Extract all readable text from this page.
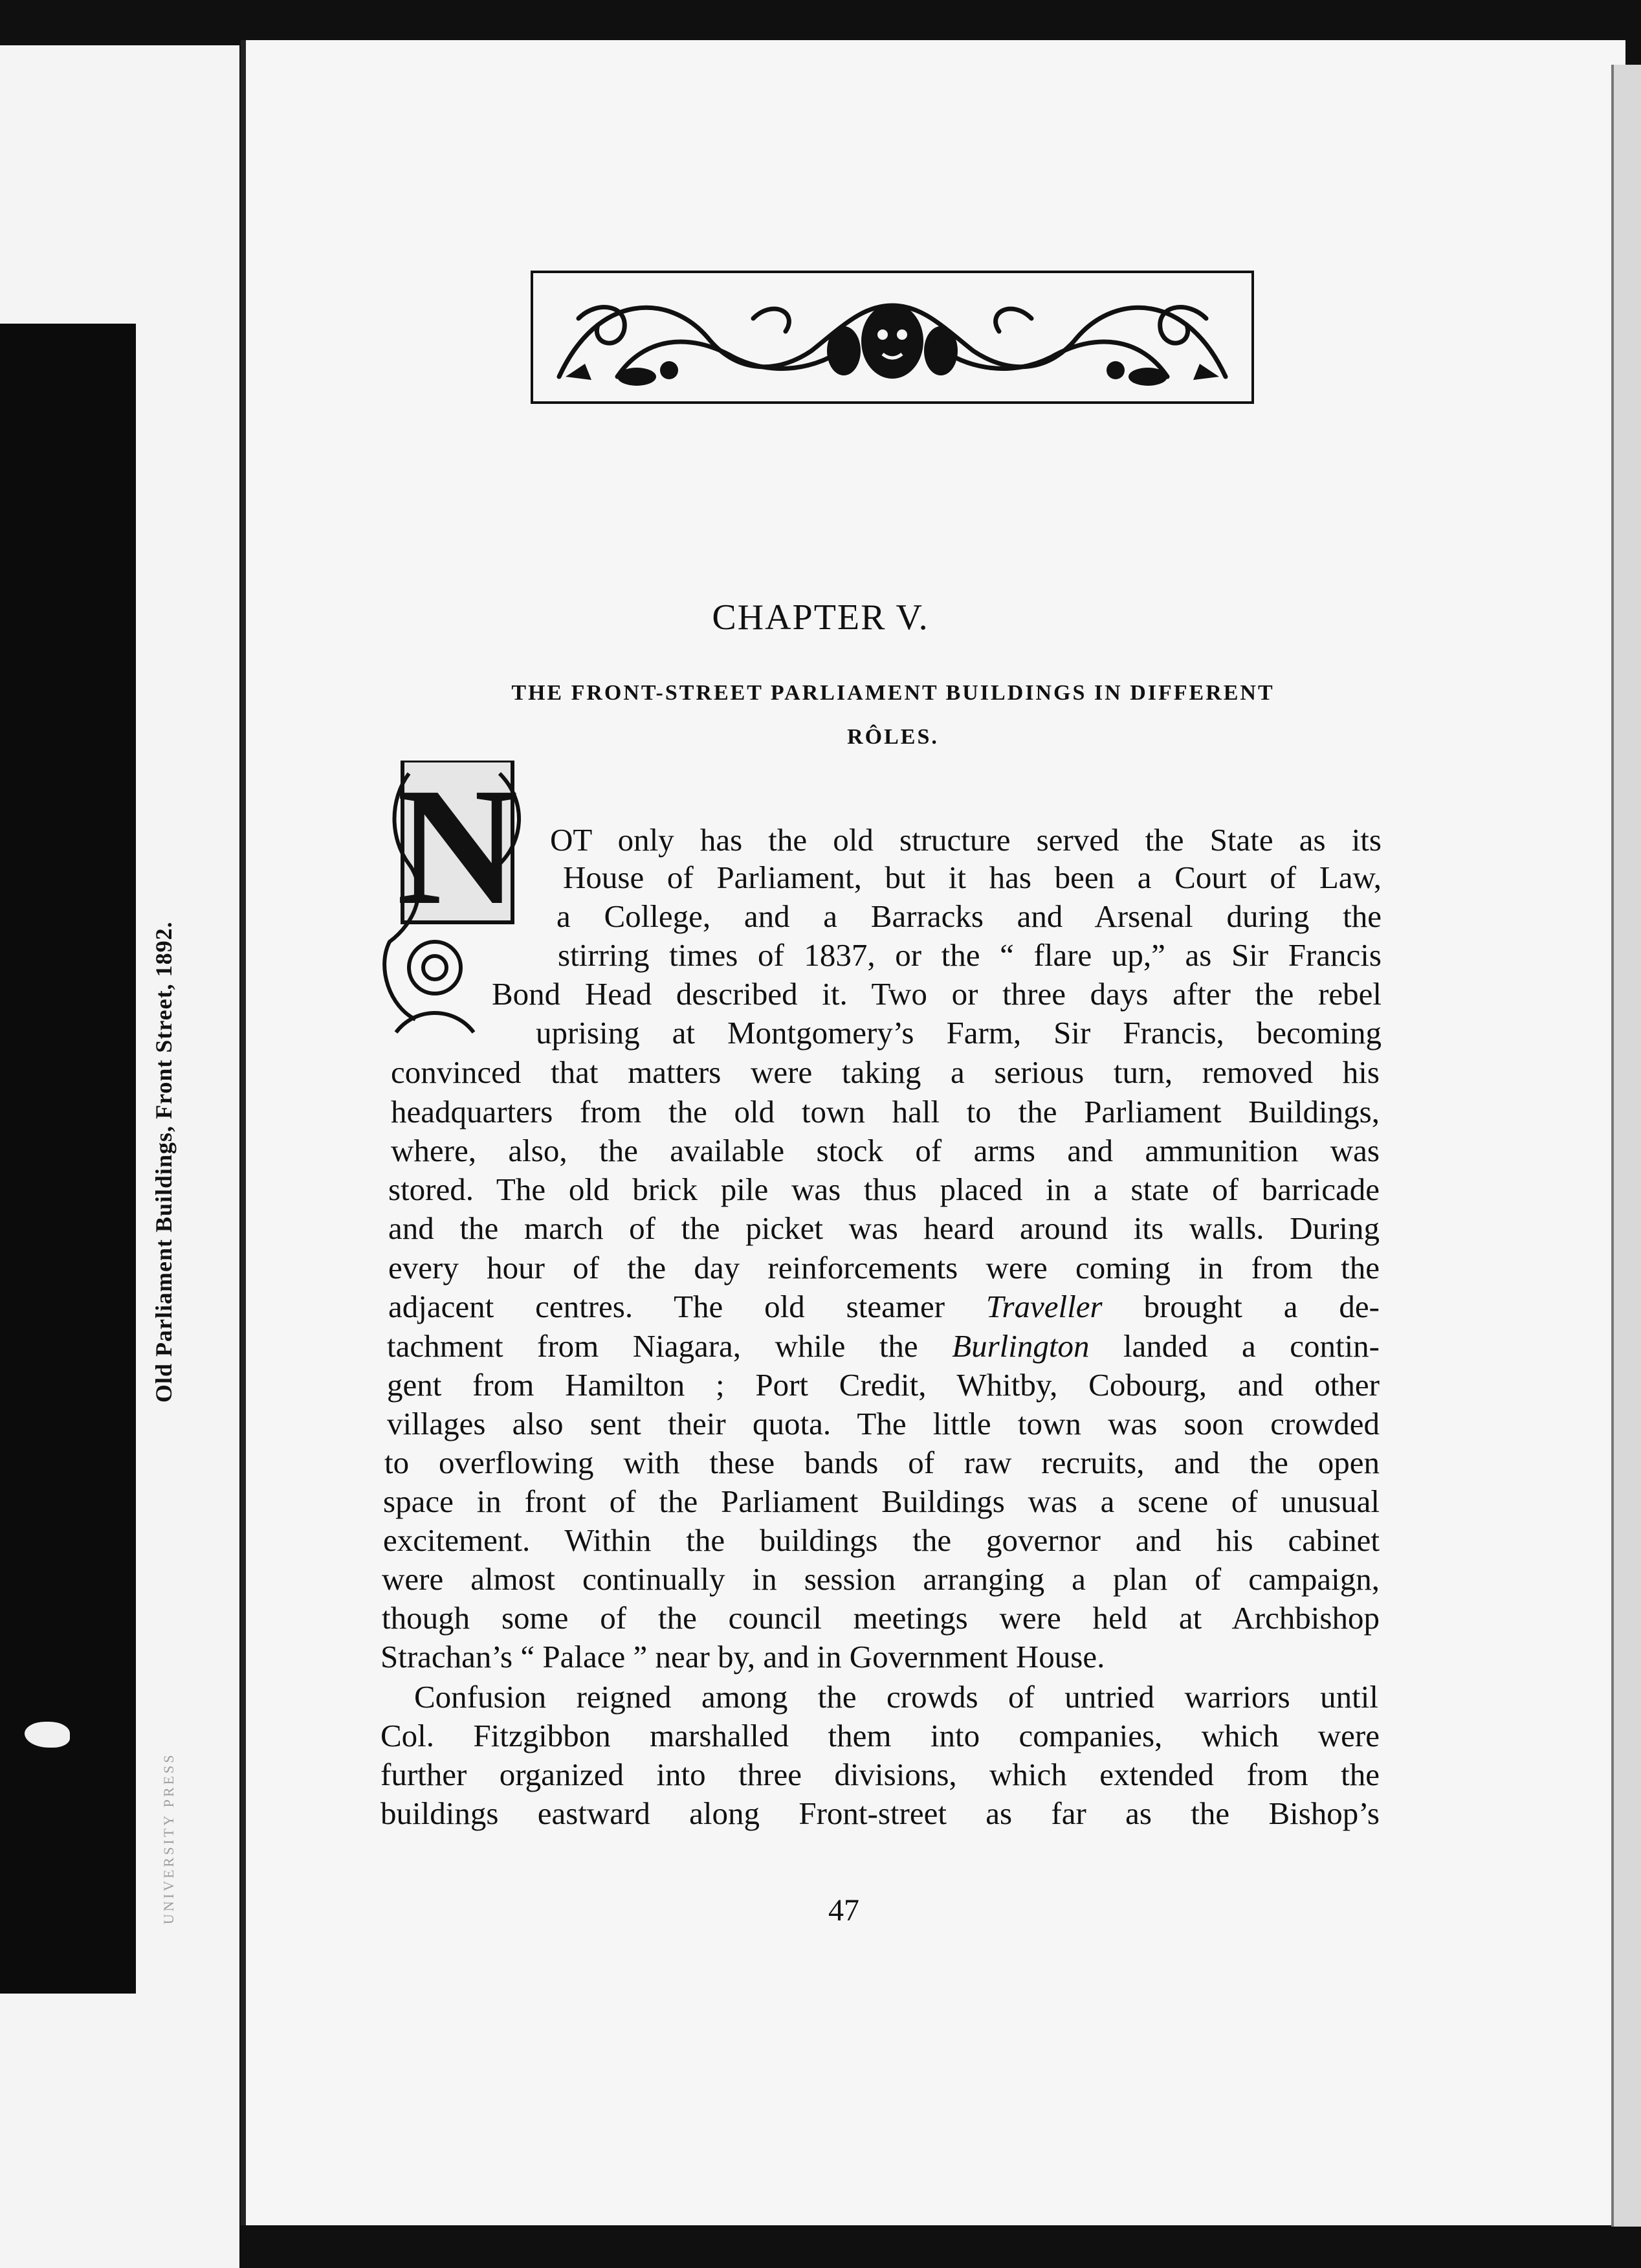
UNIVERSITY PRESS
Old Parliament Buildings, Front Street, 1892.
CHAPTER V.
THE FRONT-STREET PARLIAMENT BUILDINGS IN DIFFERENT
RÔLES.
N OT only has the old structure served the State as its
House of Parliament, but it has been a Court of Law,
a College, and a Barracks and Arsenal during the
stirring times of 1837, or the “ flare up,” as Sir Francis
Bond Head described it. Two or three days after the rebel
uprising at Montgomery’s Farm, Sir Francis, becoming
convinced that matters were taking a serious turn, removed his
headquarters from the old town hall to the Parliament Buildings,
where, also, the available stock of arms and ammunition was
stored. The old brick pile was thus placed in a state of barricade
and the march of the picket was heard around its walls. During
every hour of the day reinforcements were coming in from the
adjacent centres. The old steamer Traveller brought a de-
tachment from Niagara, while the Burlington landed a contin-
gent from Hamilton ; Port Credit, Whitby, Cobourg, and other
villages also sent their quota. The little town was soon crowded
to overflowing with these bands of raw recruits, and the open
space in front of the Parliament Buildings was a scene of unusual
excitement. Within the buildings the governor and his cabinet
were almost continually in session arranging a plan of campaign,
though some of the council meetings were held at Archbishop
Strachan’s “ Palace ” near by, and in Government House.
Confusion reigned among the crowds of untried warriors until
Col. Fitzgibbon marshalled them into companies, which were
further organized into three divisions, which extended from the
buildings eastward along Front-street as far as the Bishop’s
47
